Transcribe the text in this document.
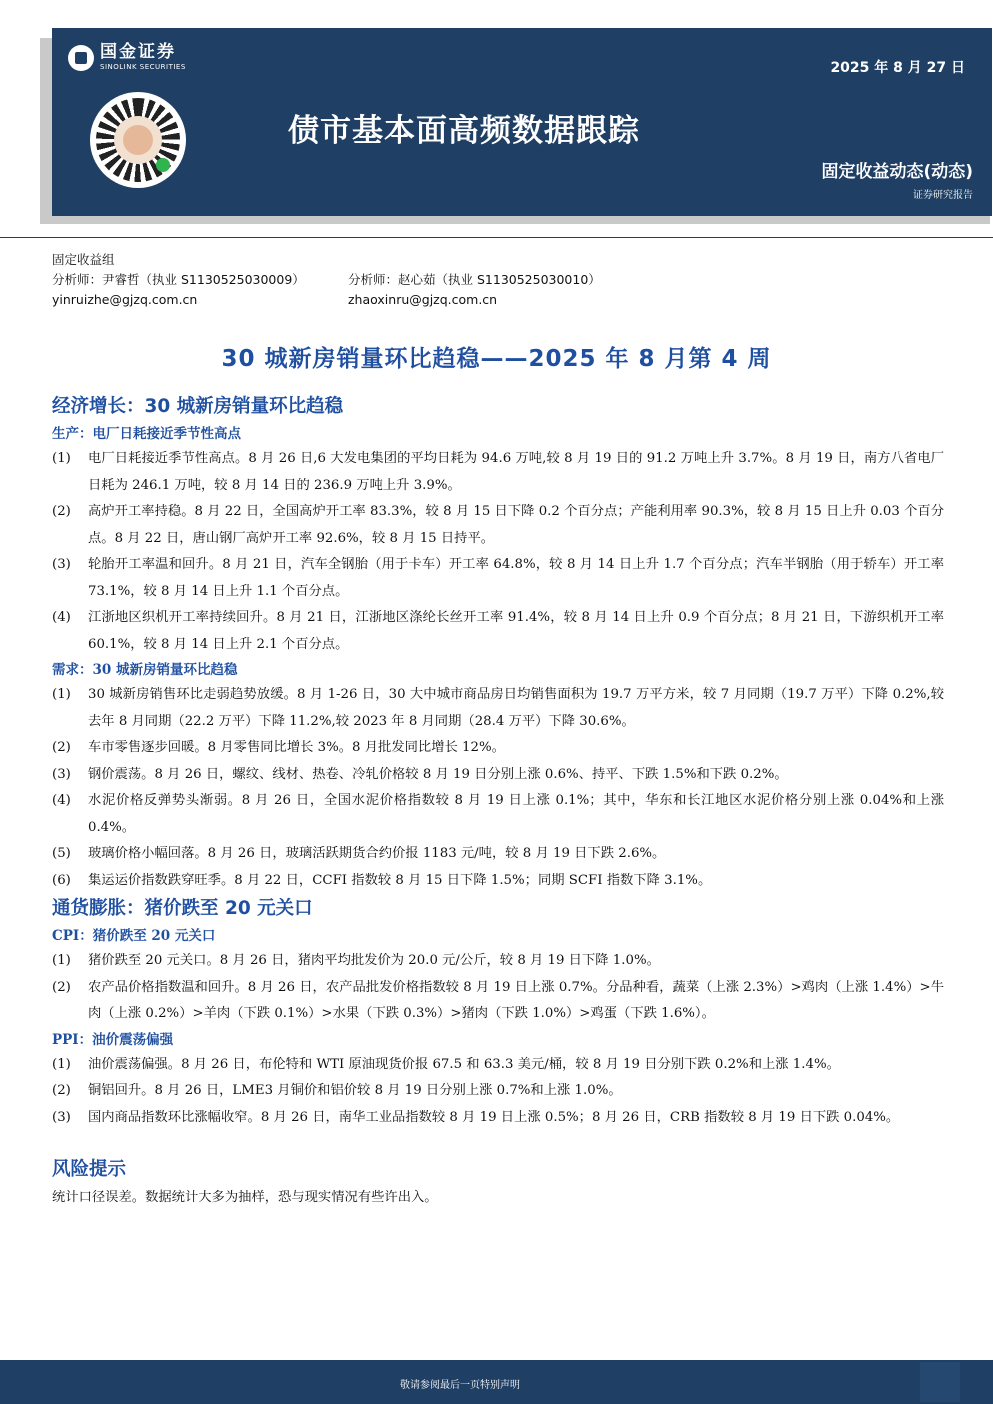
国金证券
SINOLINK SECURITIES
债市基本面高频数据跟踪
2025 年 8 月 27 日
固定收益动态(动态)
证券研究报告
固定收益组
分析师：尹睿哲（执业 S1130525030009）	分析师：赵心茹（执业 S1130525030010）
yinruizhe@gjzq.com.cn	zhaoxinru@gjzq.com.cn
30 城新房销量环比趋稳——2025 年 8 月第 4 周
经济增长：30 城新房销量环比趋稳
生产：电厂日耗接近季节性高点
(1)	电厂日耗接近季节性高点。8 月 26 日,6 大发电集团的平均日耗为 94.6 万吨,较 8 月 19 日的 91.2 万吨上升 3.7%。8 月 19 日，南方八省电厂日耗为 246.1 万吨，较 8 月 14 日的 236.9 万吨上升 3.9%。
(2)	高炉开工率持稳。8 月 22 日，全国高炉开工率 83.3%，较 8 月 15 日下降 0.2 个百分点；产能利用率 90.3%，较 8 月 15 日上升 0.03 个百分点。8 月 22 日，唐山钢厂高炉开工率 92.6%，较 8 月 15 日持平。
(3)	轮胎开工率温和回升。8 月 21 日，汽车全钢胎（用于卡车）开工率 64.8%，较 8 月 14 日上升 1.7 个百分点；汽车半钢胎（用于轿车）开工率 73.1%，较 8 月 14 日上升 1.1 个百分点。
(4)	江浙地区织机开工率持续回升。8 月 21 日，江浙地区涤纶长丝开工率 91.4%，较 8 月 14 日上升 0.9 个百分点；8 月 21 日，下游织机开工率 60.1%，较 8 月 14 日上升 2.1 个百分点。
需求：30 城新房销量环比趋稳
(1)	30 城新房销售环比走弱趋势放缓。8 月 1-26 日，30 大中城市商品房日均销售面积为 19.7 万平方米，较 7 月同期（19.7 万平）下降 0.2%,较去年 8 月同期（22.2 万平）下降 11.2%,较 2023 年 8 月同期（28.4 万平）下降 30.6%。
(2)	车市零售逐步回暖。8 月零售同比增长 3%。8 月批发同比增长 12%。
(3)	钢价震荡。8 月 26 日，螺纹、线材、热卷、冷轧价格较 8 月 19 日分别上涨 0.6%、持平、下跌 1.5%和下跌 0.2%。
(4)	水泥价格反弹势头渐弱。8 月 26 日，全国水泥价格指数较 8 月 19 日上涨 0.1%；其中，华东和长江地区水泥价格分别上涨 0.04%和上涨 0.4%。
(5)	玻璃价格小幅回落。8 月 26 日，玻璃活跃期货合约价报 1183 元/吨，较 8 月 19 日下跌 2.6%。
(6)	集运运价指数跌穿旺季。8 月 22 日，CCFI 指数较 8 月 15 日下降 1.5%；同期 SCFI 指数下降 3.1%。
通货膨胀：猪价跌至 20 元关口
CPI：猪价跌至 20 元关口
(1)	猪价跌至 20 元关口。8 月 26 日，猪肉平均批发价为 20.0 元/公斤，较 8 月 19 日下降 1.0%。
(2)	农产品价格指数温和回升。8 月 26 日，农产品批发价格指数较 8 月 19 日上涨 0.7%。分品种看，蔬菜（上涨 2.3%）>鸡肉（上涨 1.4%）>牛肉（上涨 0.2%）>羊肉（下跌 0.1%）>水果（下跌 0.3%）>猪肉（下跌 1.0%）>鸡蛋（下跌 1.6%）。
PPI：油价震荡偏强
(1)	油价震荡偏强。8 月 26 日，布伦特和 WTI 原油现货价报 67.5 和 63.3 美元/桶，较 8 月 19 日分别下跌 0.2%和上涨 1.4%。
(2)	铜铝回升。8 月 26 日，LME3 月铜价和铝价较 8 月 19 日分别上涨 0.7%和上涨 1.0%。
(3)	国内商品指数环比涨幅收窄。8 月 26 日，南华工业品指数较 8 月 19 日上涨 0.5%；8 月 26 日，CRB 指数较 8 月 19 日下跌 0.04%。
风险提示
统计口径误差。数据统计大多为抽样，恐与现实情况有些许出入。
敬请参阅最后一页特别声明
